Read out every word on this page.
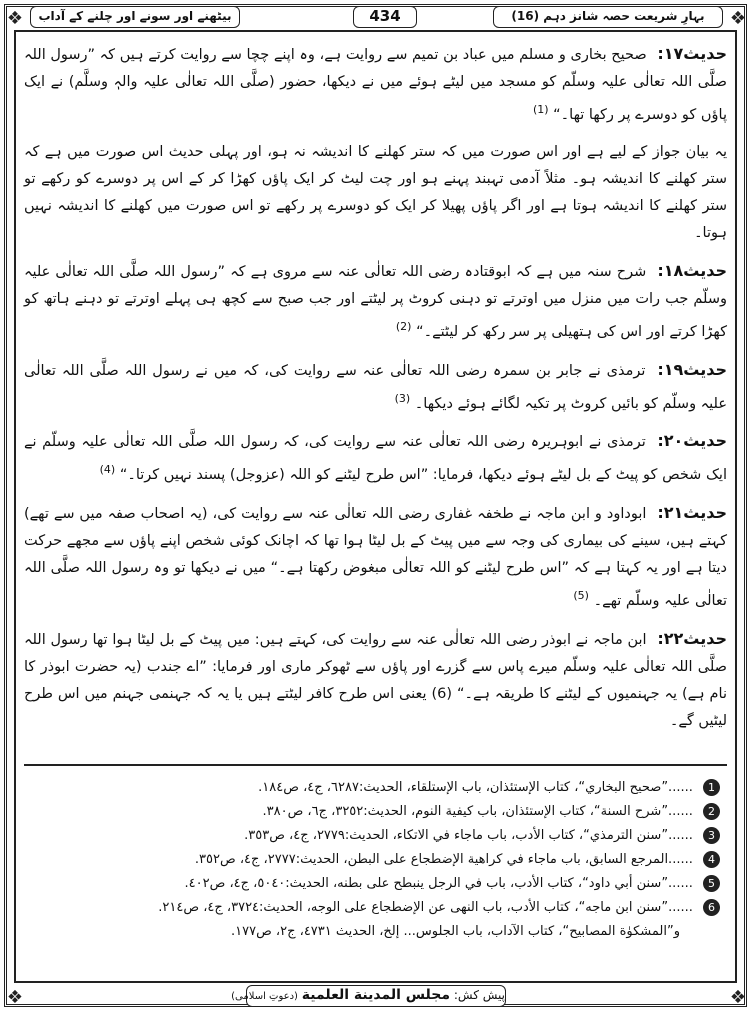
❖	❖
❖	❖
بہارِ شریعت حصہ شانز دہم (16)
434
بیٹھنے اور سونے اور چلنے کے آداب

حدیث۱۷: صحیح بخاری و مسلم میں عباد بن تمیم سے روایت ہے، وہ اپنے چچا سے روایت کرتے ہیں کہ ”رسول اللہ صلَّی اللہ تعالٰی علیہ وسلّم کو مسجد میں لیٹے ہوئے میں نے دیکھا، حضور (صلَّی اللہ تعالٰی علیہ والہٖ وسلَّم) نے ایک پاؤں کو دوسرے پر رکھا تھا۔“ $^{(1)}$

یہ بیان جواز کے لیے ہے اور اس صورت میں کہ ستر کھلنے کا اندیشہ نہ ہو، اور پہلی حدیث اس صورت میں ہے کہ ستر کھلنے کا اندیشہ ہو۔ مثلاً آدمی تہبند پہنے ہو اور چت لیٹ کر ایک پاؤں کھڑا کر کے اس پر دوسرے کو رکھے تو ستر کھلنے کا اندیشہ ہوتا ہے اور اگر پاؤں پھیلا کر ایک کو دوسرے پر رکھے تو اس صورت میں کھلنے کا اندیشہ نہیں ہوتا۔

حدیث۱۸: شرح سنہ میں ہے کہ ابوقتادہ رضی اللہ تعالٰی عنہ سے مروی ہے کہ ”رسول اللہ صلَّی اللہ تعالٰی علیہ وسلّم جب رات میں منزل میں اوترتے تو دہنی کروٹ پر لیٹتے اور جب صبح سے کچھ ہی پہلے اوترتے تو دہنے ہاتھ کو کھڑا کرتے اور اس کی ہتھیلی پر سر رکھ کر لیٹتے۔“ $^{(2)}$

حدیث۱۹: ترمذی نے جابر بن سمرہ رضی اللہ تعالٰی عنہ سے روایت کی، کہ میں نے رسول اللہ صلَّی اللہ تعالٰی علیہ وسلّم کو بائیں کروٹ پر تکیہ لگائے ہوئے دیکھا۔ $^{(3)}$

حدیث۲۰: ترمذی نے ابوہریرہ رضی اللہ تعالٰی عنہ سے روایت کی، کہ رسول اللہ صلَّی اللہ تعالٰی علیہ وسلّم نے ایک شخص کو پیٹ کے بل لیٹے ہوئے دیکھا، فرمایا: ”اس طرح لیٹنے کو اللہ (عزوجل) پسند نہیں کرتا۔“ $^{(4)}$

حدیث۲۱: ابوداود و ابن ماجہ نے طخفہ غفاری رضی اللہ تعالٰی عنہ سے روایت کی، (یہ اصحاب صفہ میں سے تھے) کہتے ہیں، سینے کی بیماری کی وجہ سے میں پیٹ کے بل لیٹا ہوا تھا کہ اچانک کوئی شخص اپنے پاؤں سے مجھے حرکت دیتا ہے اور یہ کہتا ہے کہ ”اس طرح لیٹنے کو اللہ تعالٰی مبغوض رکھتا ہے۔“ میں نے دیکھا تو وہ رسول اللہ صلَّی اللہ تعالٰی علیہ وسلّم تھے۔ $^{(5)}$

حدیث۲۲: ابن ماجہ نے ابوذر رضی اللہ تعالٰی عنہ سے روایت کی، کہتے ہیں: میں پیٹ کے بل لیٹا ہوا تھا رسول اللہ صلَّی اللہ تعالٰی علیہ وسلّم میرے پاس سے گزرے اور پاؤں سے ٹھوکر ماری اور فرمایا: ”اے جندب (یہ حضرت ابوذر کا نام ہے) یہ جہنمیوں کے لیٹنے کا طریقہ ہے۔“ (6) یعنی اس طرح کافر لیٹتے ہیں یا یہ کہ جہنمی جہنم میں اس طرح لیٹیں گے۔

1 ......”صحیح البخاري“، کتاب الإستئذان، باب الإستلقاء، الحدیث:٦٢٨٧، ج٤، ص١٨٤.
2 ......”شرح السنة“، کتاب الإستئذان، باب کیفیة النوم، الحدیث:٣٢٥٢، ج٦، ص٣٨٠.
3 ......”سنن الترمذي“، کتاب الأدب، باب ماجاء في الاتکاء، الحدیث:٢٧٧٩، ج٤، ص٣٥٣.
4 ......المرجع السابق، باب ماجاء في کراهیة الإضطجاع علی البطن، الحدیث:٢٧٧٧، ج٤، ص٣٥٢.
5 ......”سنن أبي داود“، کتاب الأدب، باب في الرجل ینبطح علی بطنه، الحدیث:٥٠٤٠، ج٤، ص٤٠٢.
6 ......”سنن ابن ماجه“، کتاب الأدب، باب النهی عن الإضطجاع علی الوجه، الحدیث:٣٧٢٤، ج٤، ص٢١٤.
و”المشکوٰة المصابیح“، کتاب الآداب، باب الجلوس... إلخ، الحدیث ٤٧٣١، ج٢، ص١٧٧.
پیش کش: مجلس المدینة العلمیة (دعوتِ اسلامی)
